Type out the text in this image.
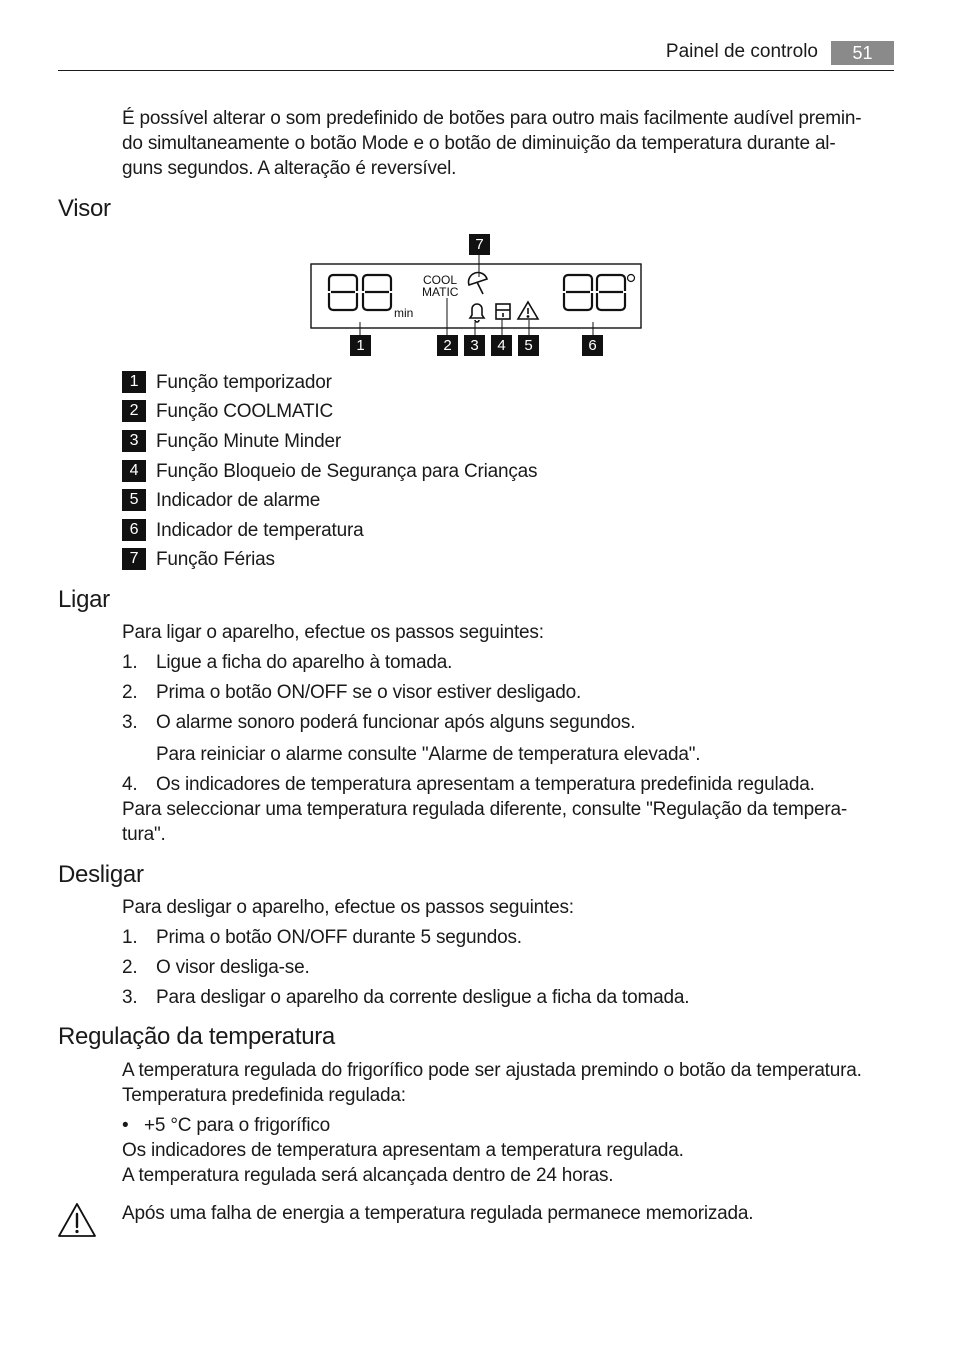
Painel de controlo	51
É possível alterar o som predefinido de botões para outro mais facilmente audível premin-
do simultaneamente o botão Mode e o botão de diminuição da temperatura durante al-
guns segundos. A alteração é reversível.
Visor
min
COOL
MATIC
7
1	2	3	4	5	6
1 Função temporizador
2 Função COOLMATIC
3 Função Minute Minder
4 Função Bloqueio de Segurança para Crianças
5 Indicador de alarme
6 Indicador de temperatura
7 Função Férias
Ligar
Para ligar o aparelho, efectue os passos seguintes:
1. Ligue a ficha do aparelho à tomada.
2. Prima o botão ON/OFF se o visor estiver desligado.
3. O alarme sonoro poderá funcionar após alguns segundos.
Para reiniciar o alarme consulte "Alarme de temperatura elevada".
4. Os indicadores de temperatura apresentam a temperatura predefinida regulada.
Para seleccionar uma temperatura regulada diferente, consulte "Regulação da tempera-
tura".
Desligar
Para desligar o aparelho, efectue os passos seguintes:
1. Prima o botão ON/OFF durante 5 segundos.
2. O visor desliga-se.
3. Para desligar o aparelho da corrente desligue a ficha da tomada.
Regulação da temperatura
A temperatura regulada do frigorífico pode ser ajustada premindo o botão da temperatura.
Temperatura predefinida regulada:
• +5 °C para o frigorífico
Os indicadores de temperatura apresentam a temperatura regulada.
A temperatura regulada será alcançada dentro de 24 horas.
Após uma falha de energia a temperatura regulada permanece memorizada.
